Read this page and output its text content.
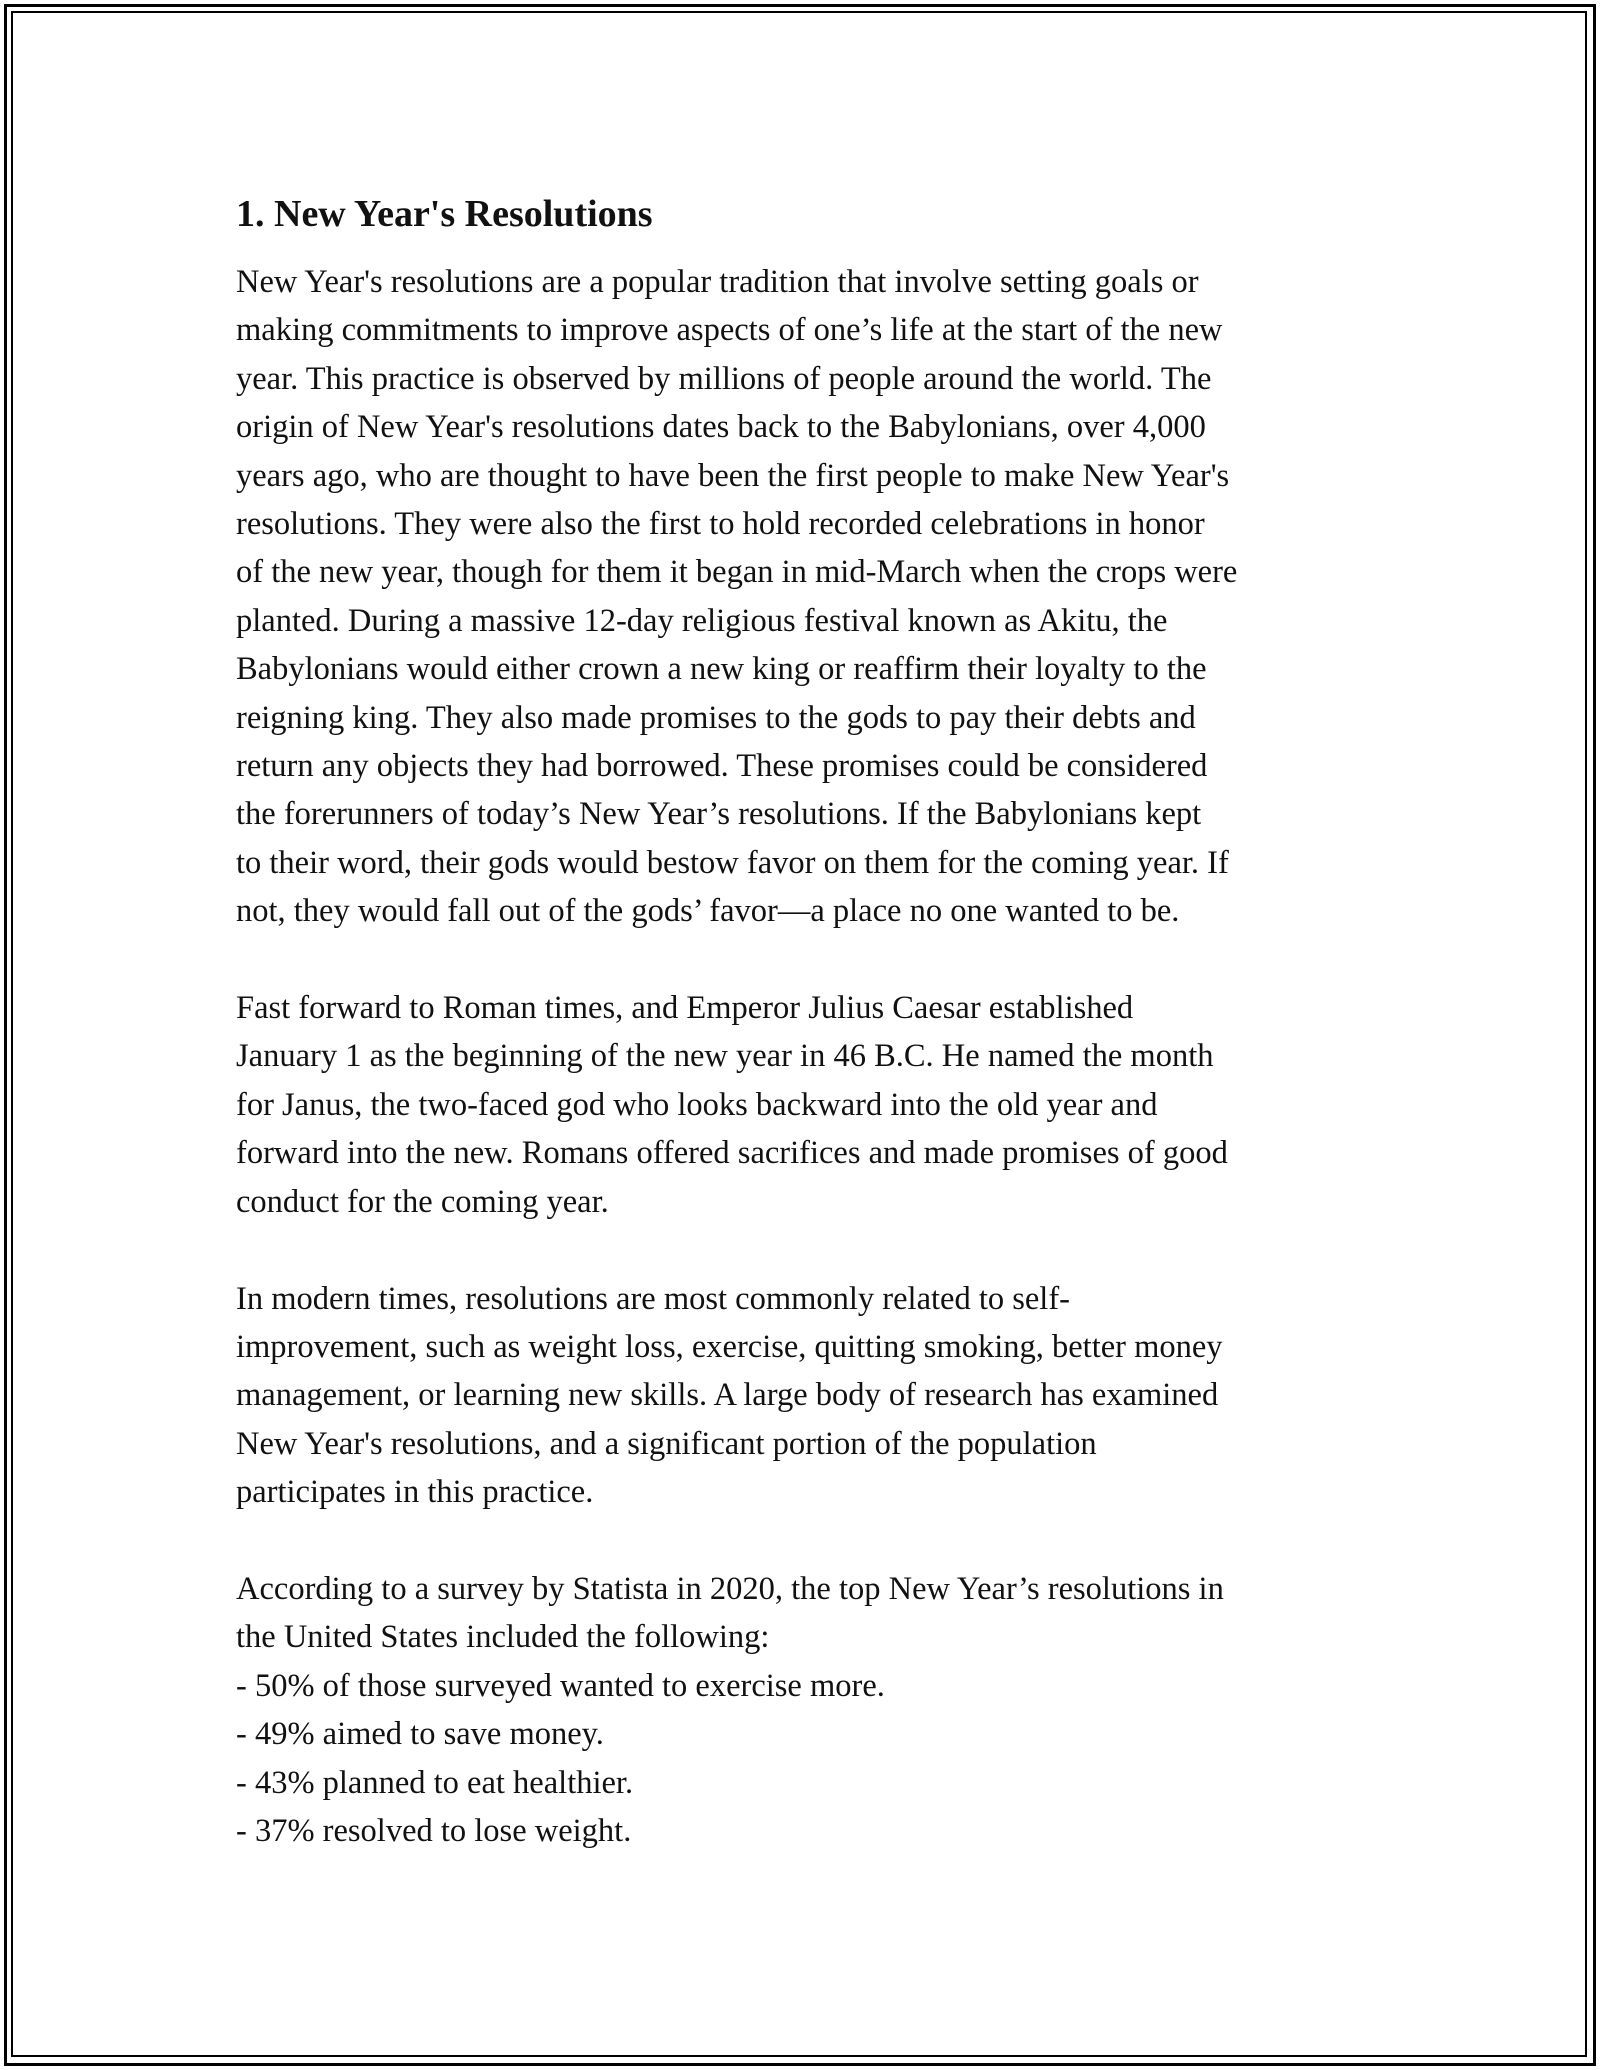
1. New Year's Resolutions

New Year's resolutions are a popular tradition that involve setting goals or
making commitments to improve aspects of one’s life at the start of the new
year. This practice is observed by millions of people around the world. The
origin of New Year's resolutions dates back to the Babylonians, over 4,000
years ago, who are thought to have been the first people to make New Year's
resolutions. They were also the first to hold recorded celebrations in honor
of the new year, though for them it began in mid-March when the crops were
planted. During a massive 12-day religious festival known as Akitu, the
Babylonians would either crown a new king or reaffirm their loyalty to the
reigning king. They also made promises to the gods to pay their debts and
return any objects they had borrowed. These promises could be considered
the forerunners of today’s New Year’s resolutions. If the Babylonians kept
to their word, their gods would bestow favor on them for the coming year. If
not, they would fall out of the gods’ favor—a place no one wanted to be.

Fast forward to Roman times, and Emperor Julius Caesar established
January 1 as the beginning of the new year in 46 B.C. He named the month
for Janus, the two-faced god who looks backward into the old year and
forward into the new. Romans offered sacrifices and made promises of good
conduct for the coming year.

In modern times, resolutions are most commonly related to self-
improvement, such as weight loss, exercise, quitting smoking, better money
management, or learning new skills. A large body of research has examined
New Year's resolutions, and a significant portion of the population
participates in this practice.

According to a survey by Statista in 2020, the top New Year’s resolutions in
the United States included the following:

- 50% of those surveyed wanted to exercise more.
- 49% aimed to save money.
- 43% planned to eat healthier.
- 37% resolved to lose weight.
